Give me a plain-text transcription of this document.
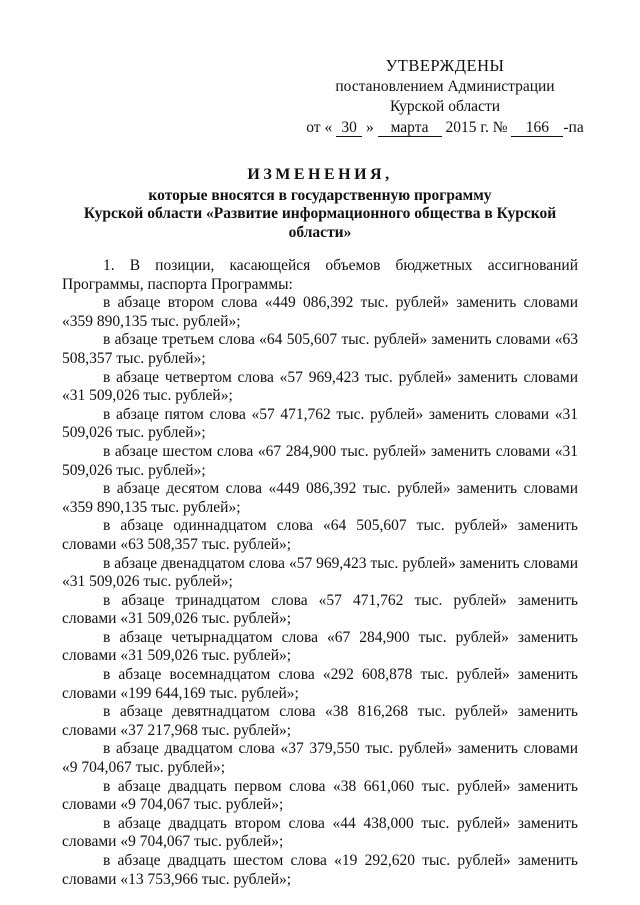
УТВЕРЖДЕНЫ
постановлением Администрации
Курской области
от « 30 » марта 2015 г. № 166 -па
ИЗМЕНЕНИЯ,
которые вносятся в государственную программу
Курской области «Развитие информационного общества в Курской
области»

1. В позиции, касающейся объемов бюджетных ассигнований Программы, паспорта Программы:

в абзаце втором слова «449 086,392 тыс. рублей» заменить словами «359 890,135 тыс. рублей»;

в абзаце третьем слова «64 505,607 тыс. рублей» заменить словами «63 508,357 тыс. рублей»;

в абзаце четвертом слова «57 969,423 тыс. рублей» заменить словами «31 509,026 тыс. рублей»;

в абзаце пятом слова «57 471,762 тыс. рублей» заменить словами «31 509,026 тыс. рублей»;

в абзаце шестом слова «67 284,900 тыс. рублей» заменить словами «31 509,026 тыс. рублей»;

в абзаце десятом слова «449 086,392 тыс. рублей» заменить словами «359 890,135 тыс. рублей»;

в абзаце одиннадцатом слова «64 505,607 тыс. рублей» заменить словами «63 508,357 тыс. рублей»;

в абзаце двенадцатом слова «57 969,423 тыс. рублей» заменить словами «31 509,026 тыс. рублей»;

в абзаце тринадцатом слова «57 471,762 тыс. рублей» заменить словами «31 509,026 тыс. рублей»;

в абзаце четырнадцатом слова «67 284,900 тыс. рублей» заменить словами «31 509,026 тыс. рублей»;

в абзаце восемнадцатом слова «292 608,878 тыс. рублей» заменить словами «199 644,169 тыс. рублей»;

в абзаце девятнадцатом слова «38 816,268 тыс. рублей» заменить словами «37 217,968 тыс. рублей»;

в абзаце двадцатом слова «37 379,550 тыс. рублей» заменить словами «9 704,067 тыс. рублей»;

в абзаце двадцать первом слова «38 661,060 тыс. рублей» заменить словами «9 704,067 тыс. рублей»;

в абзаце двадцать втором слова «44 438,000 тыс. рублей» заменить словами «9 704,067 тыс. рублей»;

в абзаце двадцать шестом слова «19 292,620 тыс. рублей» заменить словами «13 753,966 тыс. рублей»;
